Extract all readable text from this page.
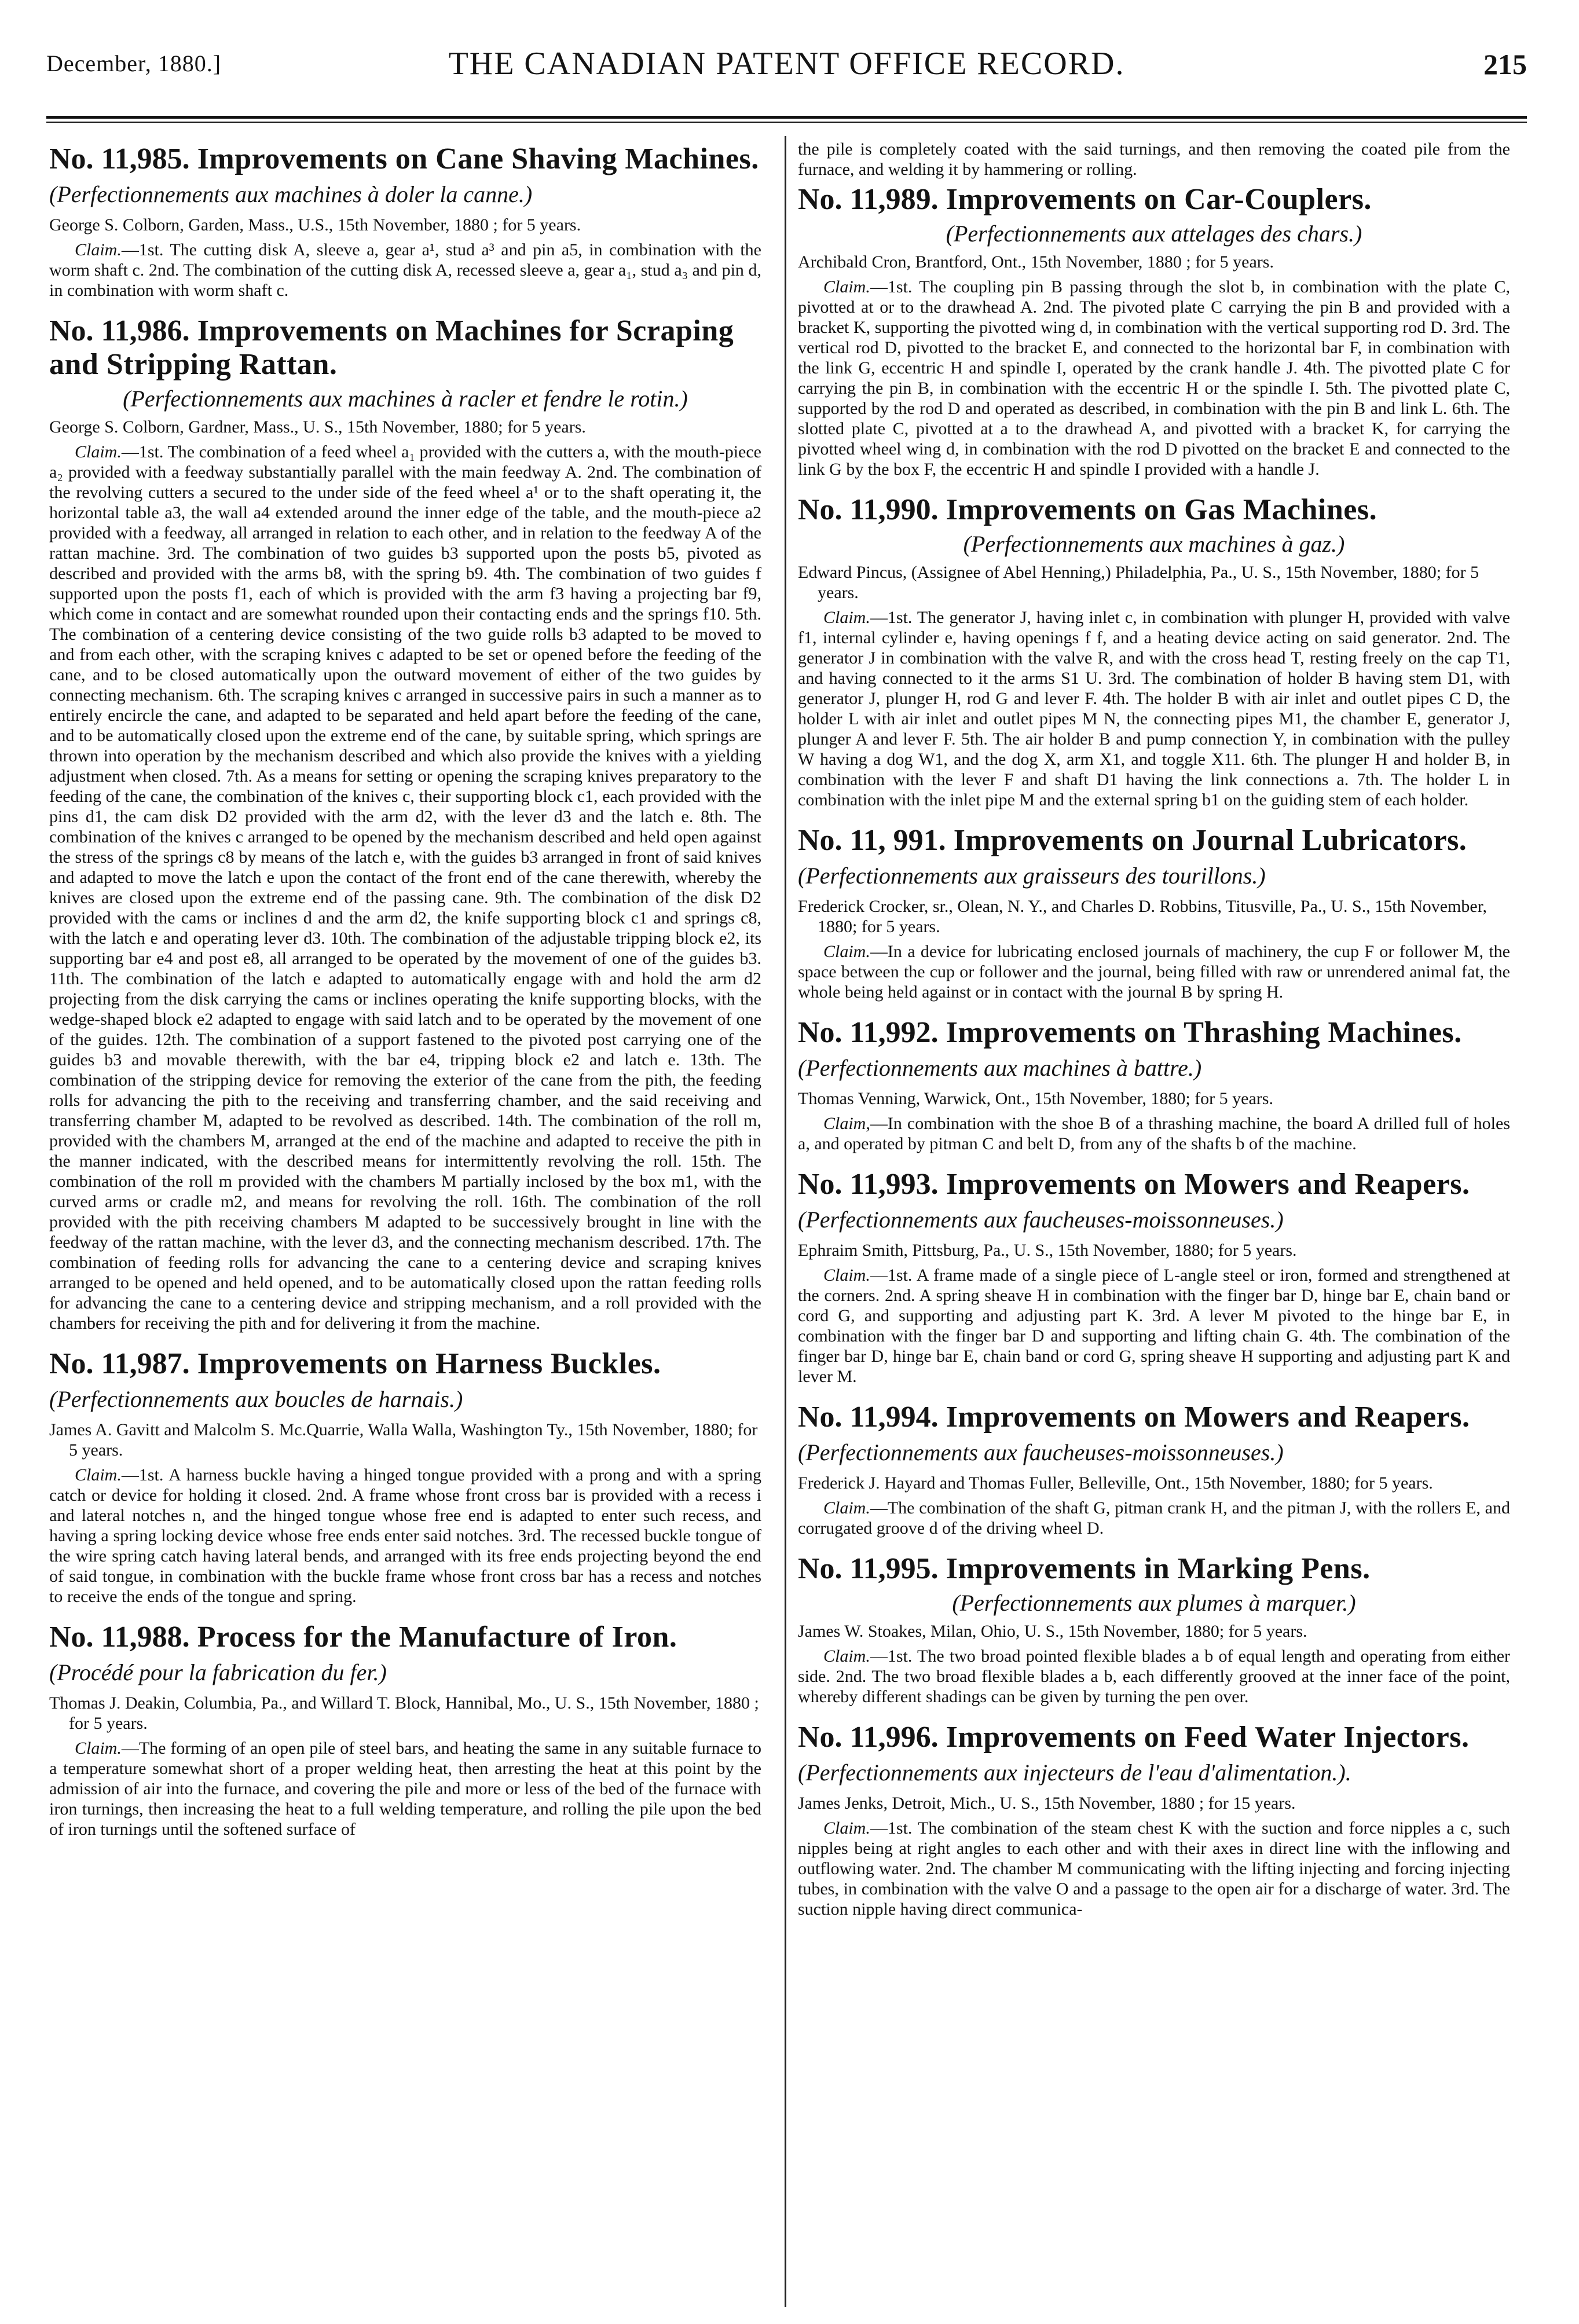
December, 1880.]	THE CANADIAN PATENT OFFICE RECORD.	215
No. 11,985. Improvements on Cane Shaving Machines. (Perfectionnements aux machines à doler la canne.)

George S. Colborn, Garden, Mass., U.S., 15th November, 1880 ; for 5 years.

Claim.—1st. The cutting disk A, sleeve a, gear a¹, stud a³ and pin a5, in combination with the worm shaft c. 2nd. The combination of the cutting disk A, recessed sleeve a, gear a₁, stud a₃ and pin d, in combination with worm shaft c.

No. 11,986. Improvements on Machines for Scraping and Stripping Rattan.
(Perfectionnements aux machines à racler et fendre le rotin.)

George S. Colborn, Gardner, Mass., U. S., 15th November, 1880; for 5 years.

Claim.—1st. The combination of a feed wheel a₁ provided with the cutters a, with the mouth-piece a₂ provided with a feedway substantially parallel with the main feedway A. 2nd. The combination of the revolving cutters a secured to the under side of the feed wheel a¹ or to the shaft operating it, the horizontal table a3, the wall a4 extended around the inner edge of the table, and the mouth-piece a2 provided with a feedway, all arranged in relation to each other, and in relation to the feedway A of the rattan machine. 3rd. The combination of two guides b3 supported upon the posts b5, pivoted as described and provided with the arms b8, with the spring b9. 4th. The combination of two guides f supported upon the posts f1, each of which is provided with the arm f3 having a projecting bar f9, which come in contact and are somewhat rounded upon their contacting ends and the springs f10. 5th. The combination of a centering device consisting of the two guide rolls b3 adapted to be moved to and from each other, with the scraping knives c adapted to be set or opened before the feeding of the cane, and to be closed automatically upon the outward movement of either of the two guides by connecting mechanism. 6th. The scraping knives c arranged in successive pairs in such a manner as to entirely encircle the cane, and adapted to be separated and held apart before the feeding of the cane, and to be automatically closed upon the extreme end of the cane, by suitable spring, which springs are thrown into operation by the mechanism described and which also provide the knives with a yielding adjustment when closed. 7th. As a means for setting or opening the scraping knives preparatory to the feeding of the cane, the combination of the knives c, their supporting block c1, each provided with the pins d1, the cam disk D2 provided with the arm d2, with the lever d3 and the latch e. 8th. The combination of the knives c arranged to be opened by the mechanism described and held open against the stress of the springs c8 by means of the latch e, with the guides b3 arranged in front of said knives and adapted to move the latch e upon the contact of the front end of the cane therewith, whereby the knives are closed upon the extreme end of the passing cane. 9th. The combination of the disk D2 provided with the cams or inclines d and the arm d2, the knife supporting block c1 and springs c8, with the latch e and operating lever d3. 10th. The combination of the adjustable tripping block e2, its supporting bar e4 and post e8, all arranged to be operated by the movement of one of the guides b3. 11th. The combination of the latch e adapted to automatically engage with and hold the arm d2 projecting from the disk carrying the cams or inclines operating the knife supporting blocks, with the wedge-shaped block e2 adapted to engage with said latch and to be operated by the movement of one of the guides. 12th. The combination of a support fastened to the pivoted post carrying one of the guides b3 and movable therewith, with the bar e4, tripping block e2 and latch e. 13th. The combination of the stripping device for removing the exterior of the cane from the pith, the feeding rolls for advancing the pith to the receiving and transferring chamber, and the said receiving and transferring chamber M, adapted to be revolved as described. 14th. The combination of the roll m, provided with the chambers M, arranged at the end of the machine and adapted to receive the pith in the manner indicated, with the described means for intermittently revolving the roll. 15th. The combination of the roll m provided with the chambers M partially inclosed by the box m1, with the curved arms or cradle m2, and means for revolving the roll. 16th. The combination of the roll provided with the pith receiving chambers M adapted to be successively brought in line with the feedway of the rattan machine, with the lever d3, and the connecting mechanism described. 17th. The combination of feeding rolls for advancing the cane to a centering device and scraping knives arranged to be opened and held opened, and to be automatically closed upon the rattan feeding rolls for advancing the cane to a centering device and stripping mechanism, and a roll provided with the chambers for receiving the pith and for delivering it from the machine.

No. 11,987. Improvements on Harness Buckles. (Perfectionnements aux boucles de harnais.)

James A. Gavitt and Malcolm S. Mc.Quarrie, Walla Walla, Washington Ty., 15th November, 1880; for 5 years.

Claim.—1st. A harness buckle having a hinged tongue provided with a prong and with a spring catch or device for holding it closed. 2nd. A frame whose front cross bar is provided with a recess i and lateral notches n, and the hinged tongue whose free end is adapted to enter such recess, and having a spring locking device whose free ends enter said notches. 3rd. The recessed buckle tongue of the wire spring catch having lateral bends, and arranged with its free ends projecting beyond the end of said tongue, in combination with the buckle frame whose front cross bar has a recess and notches to receive the ends of the tongue and spring.

No. 11,988. Process for the Manufacture of Iron. (Procédé pour la fabrication du fer.)

Thomas J. Deakin, Columbia, Pa., and Willard T. Block, Hannibal, Mo., U. S., 15th November, 1880 ; for 5 years.

Claim.—The forming of an open pile of steel bars, and heating the same in any suitable furnace to a temperature somewhat short of a proper welding heat, then arresting the heat at this point by the admission of air into the furnace, and covering the pile and more or less of the bed of the furnace with iron turnings, then increasing the heat to a full welding temperature, and rolling the pile upon the bed of iron turnings until the softened surface of

the pile is completely coated with the said turnings, and then removing the coated pile from the furnace, and welding it by hammering or rolling.

No. 11,989. Improvements on Car-Couplers.
(Perfectionnements aux attelages des chars.)

Archibald Cron, Brantford, Ont., 15th November, 1880 ; for 5 years.

Claim.—1st. The coupling pin B passing through the slot b, in combination with the plate C, pivotted at or to the drawhead A. 2nd. The pivoted plate C carrying the pin B and provided with a bracket K, supporting the pivotted wing d, in combination with the vertical supporting rod D. 3rd. The vertical rod D, pivotted to the bracket E, and connected to the horizontal bar F, in combination with the link G, eccentric H and spindle I, operated by the crank handle J. 4th. The pivotted plate C for carrying the pin B, in combination with the eccentric H or the spindle I. 5th. The pivotted plate C, supported by the rod D and operated as described, in combination with the pin B and link L. 6th. The slotted plate C, pivotted at a to the drawhead A, and pivotted with a bracket K, for carrying the pivotted wheel wing d, in combination with the rod D pivotted on the bracket E and connected to the link G by the box F, the eccentric H and spindle I provided with a handle J.

No. 11,990. Improvements on Gas Machines.
(Perfectionnements aux machines à gaz.)

Edward Pincus, (Assignee of Abel Henning,) Philadelphia, Pa., U. S., 15th November, 1880; for 5 years.

Claim.—1st. The generator J, having inlet c, in combination with plunger H, provided with valve f1, internal cylinder e, having openings f f, and a heating device acting on said generator. 2nd. The generator J in combination with the valve R, and with the cross head T, resting freely on the cap T1, and having connected to it the arms S1 U. 3rd. The combination of holder B having stem D1, with generator J, plunger H, rod G and lever F. 4th. The holder B with air inlet and outlet pipes C D, the holder L with air inlet and outlet pipes M N, the connecting pipes M1, the chamber E, generator J, plunger A and lever F. 5th. The air holder B and pump connection Y, in combination with the pulley W having a dog W1, and the dog X, arm X1, and toggle X11. 6th. The plunger H and holder B, in combination with the lever F and shaft D1 having the link connections a. 7th. The holder L in combination with the inlet pipe M and the external spring b1 on the guiding stem of each holder.

No. 11, 991. Improvements on Journal Lubricators. (Perfectionnements aux graisseurs des tourillons.)

Frederick Crocker, sr., Olean, N. Y., and Charles D. Robbins, Titusville, Pa., U. S., 15th November, 1880; for 5 years.

Claim.—In a device for lubricating enclosed journals of machinery, the cup F or follower M, the space between the cup or follower and the journal, being filled with raw or unrendered animal fat, the whole being held against or in contact with the journal B by spring H.

No. 11,992. Improvements on Thrashing Machines. (Perfectionnements aux machines à battre.)

Thomas Venning, Warwick, Ont., 15th November, 1880; for 5 years.

Claim,—In combination with the shoe B of a thrashing machine, the board A drilled full of holes a, and operated by pitman C and belt D, from any of the shafts b of the machine.

No. 11,993. Improvements on Mowers and Reapers. (Perfectionnements aux faucheuses-moissonneuses.)

Ephraim Smith, Pittsburg, Pa., U. S., 15th November, 1880; for 5 years.

Claim.—1st. A frame made of a single piece of L-angle steel or iron, formed and strengthened at the corners. 2nd. A spring sheave H in combination with the finger bar D, hinge bar E, chain band or cord G, and supporting and adjusting part K. 3rd. A lever M pivoted to the hinge bar E, in combination with the finger bar D and supporting and lifting chain G. 4th. The combination of the finger bar D, hinge bar E, chain band or cord G, spring sheave H supporting and adjusting part K and lever M.

No. 11,994. Improvements on Mowers and Reapers. (Perfectionnements aux faucheuses-moissonneuses.)

Frederick J. Hayard and Thomas Fuller, Belleville, Ont., 15th November, 1880; for 5 years.

Claim.—The combination of the shaft G, pitman crank H, and the pitman J, with the rollers E, and corrugated groove d of the driving wheel D.

No. 11,995. Improvements in Marking Pens.
(Perfectionnements aux plumes à marquer.)

James W. Stoakes, Milan, Ohio, U. S., 15th November, 1880; for 5 years.

Claim.—1st. The two broad pointed flexible blades a b of equal length and operating from either side. 2nd. The two broad flexible blades a b, each differently grooved at the inner face of the point, whereby different shadings can be given by turning the pen over.

No. 11,996. Improvements on Feed Water Injectors. (Perfectionnements aux injecteurs de l'eau d'alimentation.).

James Jenks, Detroit, Mich., U. S., 15th November, 1880 ; for 15 years.

Claim.—1st. The combination of the steam chest K with the suction and force nipples a c, such nipples being at right angles to each other and with their axes in direct line with the inflowing and outflowing water. 2nd. The chamber M communicating with the lifting injecting and forcing injecting tubes, in combination with the valve O and a passage to the open air for a discharge of water. 3rd. The suction nipple having direct communica-
